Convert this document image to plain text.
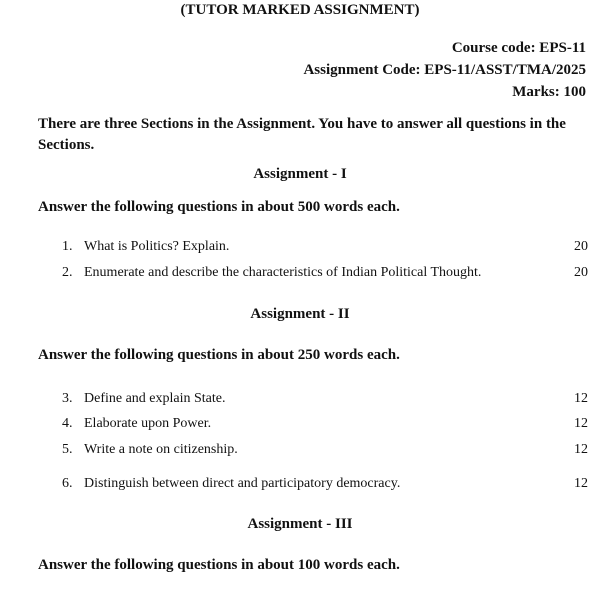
(TUTOR MARKED ASSIGNMENT)
Course code: EPS-11
Assignment Code: EPS-11/ASST/TMA/2025
Marks: 100
There are three Sections in the Assignment. You have to answer all questions in the Sections.
Assignment - I
Answer the following questions in about 500 words each.
1. What is Politics? Explain.	20
2. Enumerate and describe the characteristics of Indian Political Thought.	20
Assignment - II
Answer the following questions in about 250 words each.
3. Define and explain State.	12
4. Elaborate upon Power.	12
5. Write a note on citizenship.	12
6. Distinguish between direct and participatory democracy.	12
Assignment - III
Answer the following questions in about 100 words each.
